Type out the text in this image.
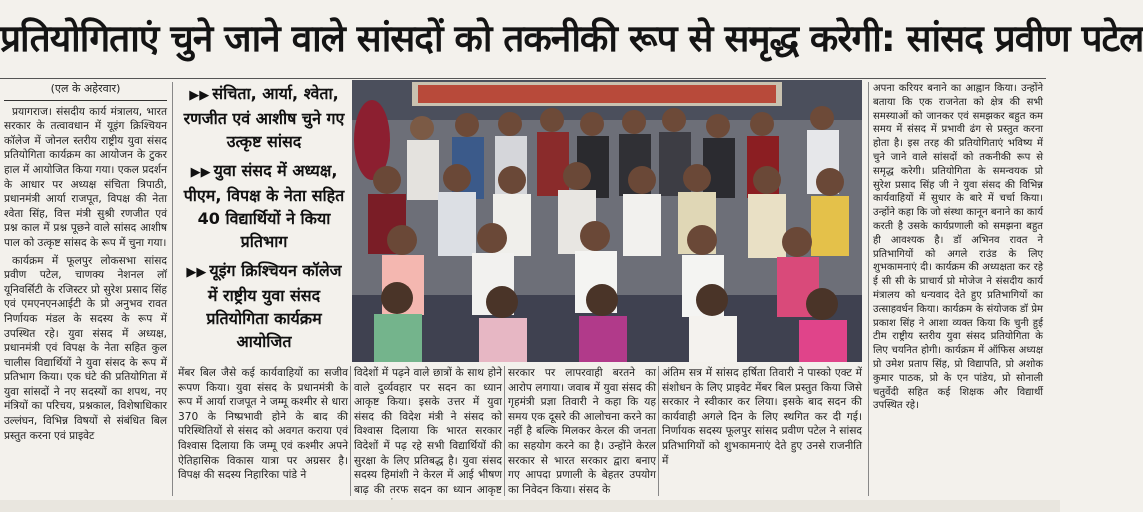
प्रतियोगिताएं चुने जाने वाले सांसदों को तकनीकी रूप से समृद्ध करेगी: सांसद प्रवीण पटेल

(एल के अहेरवार)

प्रयागराज। संसदीय कार्य मंत्रालय, भारत सरकार के तत्वावधान में यूइंग क्रिश्चियन कॉलेज में जोनल स्तरीय राष्ट्रीय युवा संसद प्रतियोगिता कार्यक्रम का आयोजन के टुकर हाल में आयोजित किया गया। एकल प्रदर्शन के आधार पर अध्यक्ष संचिता त्रिपाठी, प्रधानमंत्री आर्या राजपूत, विपक्ष की नेता श्वेता सिंह, वित्त मंत्री सुश्री रणजीत एवं प्रश्न काल में प्रश्न पूछने वाले सांसद आशीष पाल को उत्कृष्ट सांसद के रूप में चुना गया।

कार्यक्रम में फूलपुर लोकसभा सांसद प्रवीण पटेल, चाणक्य नेशनल लॉ यूनिवर्सिटी के रजिस्टर प्रो सुरेश प्रसाद सिंह एवं एमएनएनआईटी के प्रो अनुभव रावत निर्णायक मंडल के सदस्य के रूप में उपस्थित रहे। युवा संसद में अध्यक्ष, प्रधानमंत्री एवं विपक्ष के नेता सहित कुल चालीस विद्यार्थियों ने युवा संसद के रूप में प्रतिभाग किया। एक घंटे की प्रतियोगिता में युवा सांसदों ने नए सदस्यों का शपथ, नए मंत्रियों का परिचय, प्रश्नकाल, विशेषाधिकार उल्लंघन, विभिन्न विषयों से संबंधित बिल प्रस्तुत करना एवं प्राइवेट

▶▶ संचिता, आर्या, श्वेता, रणजीत एवं आशीष चुने गए उत्कृष्ट सांसद
▶▶ युवा संसद में अध्यक्ष, पीएम, विपक्ष के नेता सहित 40 विद्यार्थियों ने किया प्रतिभाग
▶▶ यूइंग क्रिश्चियन कॉलेज में राष्ट्रीय युवा संसद प्रतियोगिता कार्यक्रम आयोजित

मेंबर बिल जैसे कई कार्यवाहियों का सजीव रूपण किया। युवा संसद के प्रधानमंत्री के रूप में आर्या राजपूत ने जम्मू कश्मीर से धारा 370 के निष्प्रभावी होने के बाद की परिस्थितियों से संसद को अवगत कराया एवं विश्वास दिलाया कि जम्मू एवं कश्मीर अपने ऐतिहासिक विकास यात्रा पर अग्रसर है। विपक्ष की सदस्य निहारिका पांडे ने

विदेशों में पढ़ने वाले छात्रों के साथ होने वाले दुर्व्यवहार पर सदन का ध्यान आकृष्ट किया। इसके उत्तर में युवा संसद की विदेश मंत्री ने संसद को विश्वास दिलाया कि भारत सरकार विदेशों में पढ़ रहे सभी विद्यार्थियों की सुरक्षा के लिए प्रतिबद्ध है। युवा संसद सदस्य हिमांशी ने केरल में आई भीषण बाढ़ की तरफ सदन का ध्यान आकृष्ट

सरकार पर लापरवाही बरतने का आरोप लगाया। जवाब में युवा संसद की गृहमंत्री प्रज्ञा तिवारी ने कहा कि यह समय एक दूसरे की आलोचना करने का नहीं है बल्कि मिलकर केरल की जनता का सहयोग करने का है। उन्होंने केरल सरकार से भारत सरकार द्वारा बनाए गए आपदा प्रणाली के बेहतर उपयोग का निवेदन किया। संसद के

अंतिम सत्र में सांसद हर्षिता तिवारी ने पास्को एक्ट में संशोधन के लिए प्राइवेट मेंबर बिल प्रस्तुत किया जिसे सरकार ने स्वीकार कर लिया। इसके बाद सदन की कार्यवाही अगले दिन के लिए स्थगित कर दी गई। निर्णायक सदस्य फूलपुर सांसद प्रवीण पटेल ने सांसद प्रतिभागियों को शुभकामनाएं देते हुए उनसे राजनीति में

अपना करियर बनाने का आह्वान किया। उन्होंने बताया कि एक राजनेता को क्षेत्र की सभी समस्याओं को जानकर एवं समझकर बहुत कम समय में संसद में प्रभावी ढंग से प्रस्तुत करना होता है। इस तरह की प्रतियोगिताएं भविष्य में चुने जाने वाले सांसदों को तकनीकी रूप से समृद्ध करेगी। प्रतियोगिता के समन्वयक प्रो सुरेश प्रसाद सिंह जी ने युवा संसद की विभिन्न कार्यवाहियों में सुधार के बारे में चर्चा किया। उन्होंने कहा कि जो संस्था कानून बनाने का कार्य करती है उसके कार्यप्रणाली को समझना बहुत ही आवश्यक है। डॉ अभिनव रावत ने प्रतिभागियों को अगले राउंड के लिए शुभकामनाएं दी। कार्यक्रम की अध्यक्षता कर रहे ई सी सी के प्राचार्य प्रो मोजेज ने संसदीय कार्य मंत्रालय को धन्यवाद देते हुए प्रतिभागियों का उत्साहवर्धन किया। कार्यक्रम के संयोजक डॉ प्रेम प्रकाश सिंह ने आशा व्यक्त किया कि चुनी हुई टीम राष्ट्रीय स्तरीय युवा संसद प्रतियोगिता के लिए चयनित होगी। कार्यक्रम में ऑफिस अध्यक्ष प्रो उमेश प्रताप सिंह, प्रो विद्यापति, प्रो अशोक कुमार पाठक, प्रो के एन पांडेय, प्रो सोनाली चतुर्वेदी सहित कई शिक्षक और विद्यार्थी उपस्थित रहे।
